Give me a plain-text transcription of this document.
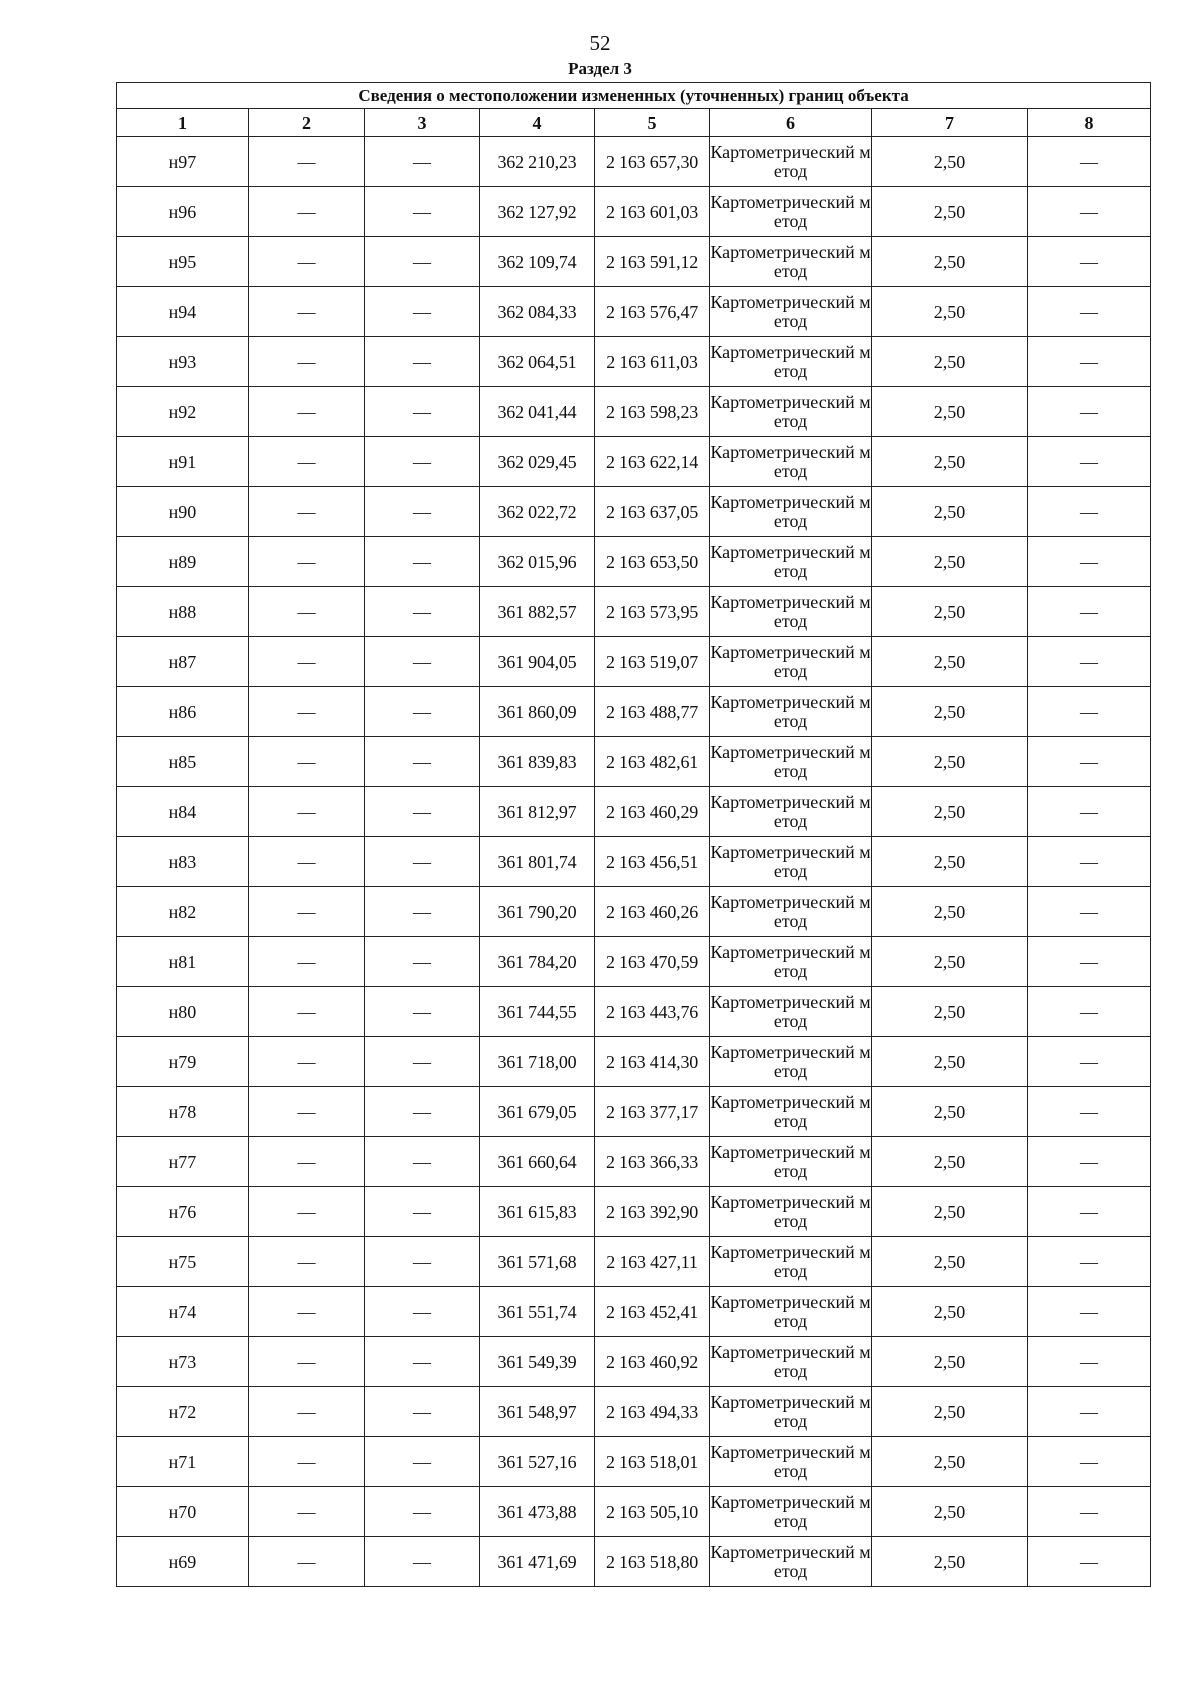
52
Раздел 3
Сведения о местоположении измененных (уточненных) границ объекта							
1	2	3	4	5	6	7	8
н97	—	—	362 210,23	2 163 657,30	Картометрический метод	2,50	—
н96	—	—	362 127,92	2 163 601,03	Картометрический метод	2,50	—
н95	—	—	362 109,74	2 163 591,12	Картометрический метод	2,50	—
н94	—	—	362 084,33	2 163 576,47	Картометрический метод	2,50	—
н93	—	—	362 064,51	2 163 611,03	Картометрический метод	2,50	—
н92	—	—	362 041,44	2 163 598,23	Картометрический метод	2,50	—
н91	—	—	362 029,45	2 163 622,14	Картометрический метод	2,50	—
н90	—	—	362 022,72	2 163 637,05	Картометрический метод	2,50	—
н89	—	—	362 015,96	2 163 653,50	Картометрический метод	2,50	—
н88	—	—	361 882,57	2 163 573,95	Картометрический метод	2,50	—
н87	—	—	361 904,05	2 163 519,07	Картометрический метод	2,50	—
н86	—	—	361 860,09	2 163 488,77	Картометрический метод	2,50	—
н85	—	—	361 839,83	2 163 482,61	Картометрический метод	2,50	—
н84	—	—	361 812,97	2 163 460,29	Картометрический метод	2,50	—
н83	—	—	361 801,74	2 163 456,51	Картометрический метод	2,50	—
н82	—	—	361 790,20	2 163 460,26	Картометрический метод	2,50	—
н81	—	—	361 784,20	2 163 470,59	Картометрический метод	2,50	—
н80	—	—	361 744,55	2 163 443,76	Картометрический метод	2,50	—
н79	—	—	361 718,00	2 163 414,30	Картометрический метод	2,50	—
н78	—	—	361 679,05	2 163 377,17	Картометрический метод	2,50	—
н77	—	—	361 660,64	2 163 366,33	Картометрический метод	2,50	—
н76	—	—	361 615,83	2 163 392,90	Картометрический метод	2,50	—
н75	—	—	361 571,68	2 163 427,11	Картометрический метод	2,50	—
н74	—	—	361 551,74	2 163 452,41	Картометрический метод	2,50	—
н73	—	—	361 549,39	2 163 460,92	Картометрический метод	2,50	—
н72	—	—	361 548,97	2 163 494,33	Картометрический метод	2,50	—
н71	—	—	361 527,16	2 163 518,01	Картометрический метод	2,50	—
н70	—	—	361 473,88	2 163 505,10	Картометрический метод	2,50	—
н69	—	—	361 471,69	2 163 518,80	Картометрический метод	2,50	—
